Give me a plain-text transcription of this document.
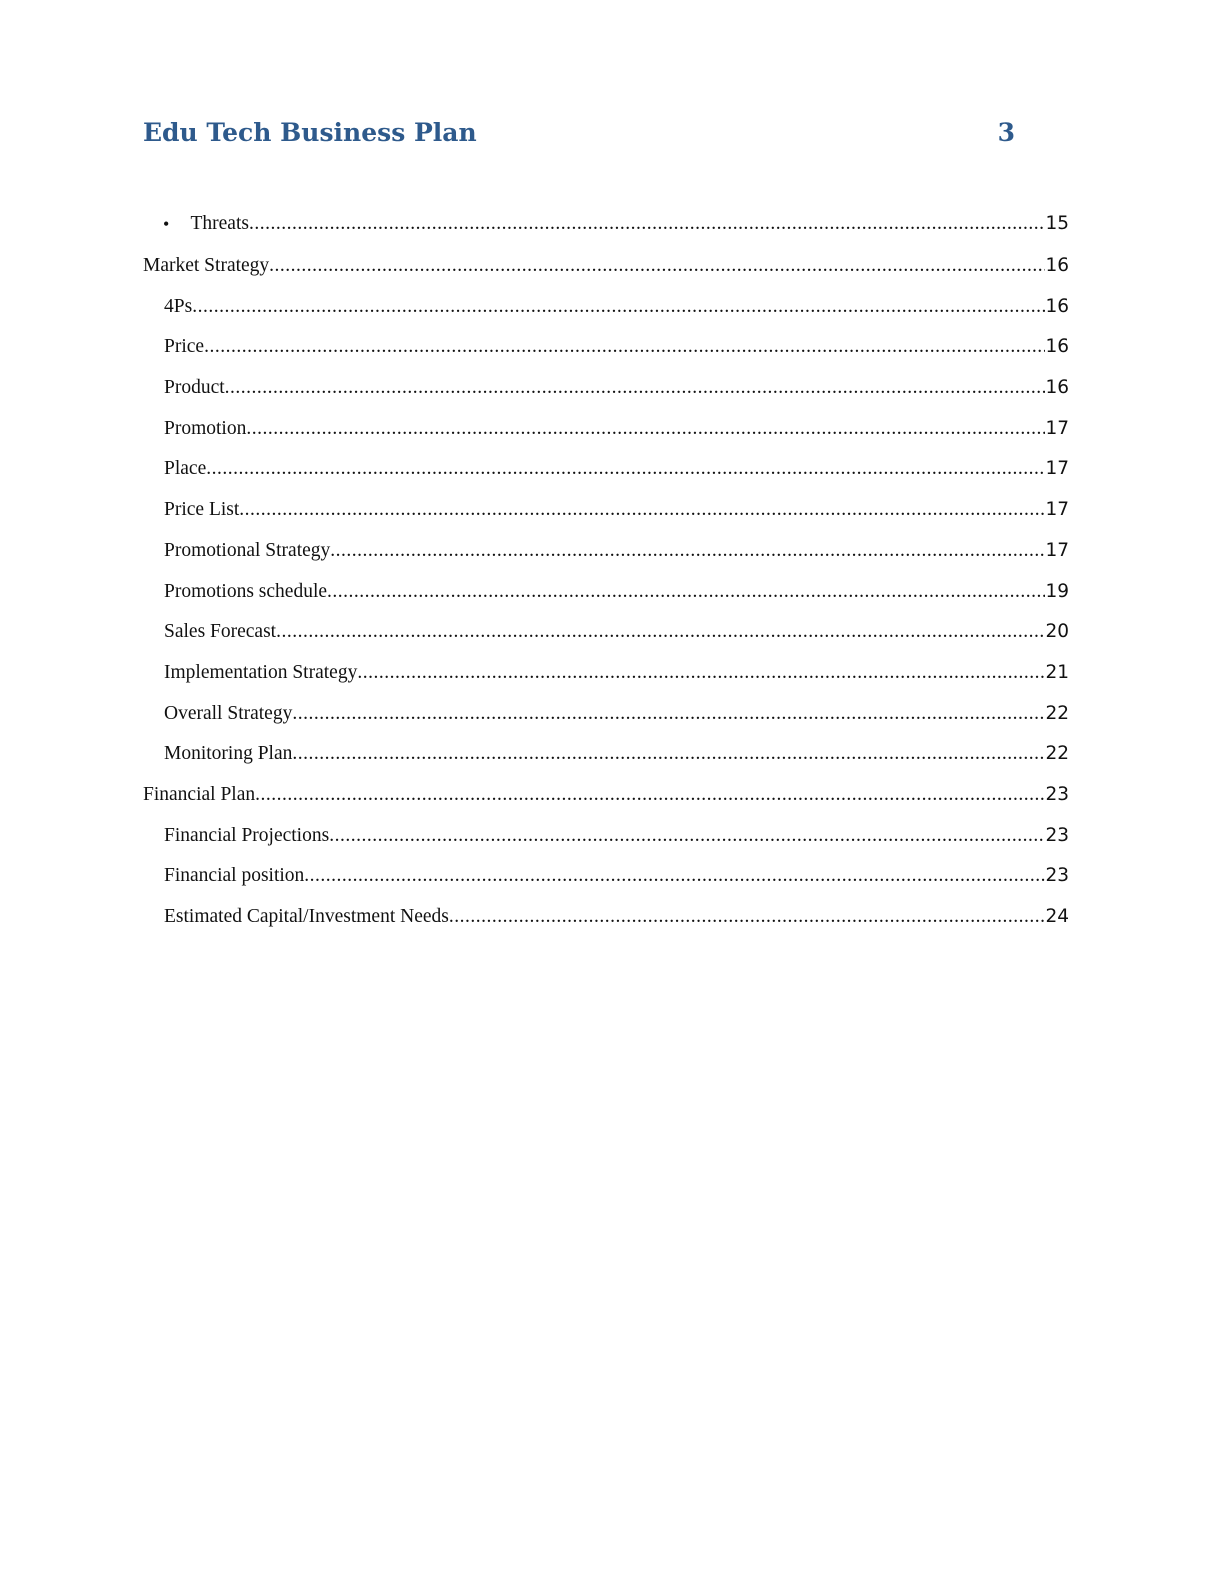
Edu Tech Business Plan	3
•	Threats .....	15
Market Strategy .....	16
4Ps .....	16
Price .....	16
Product .....	16
Promotion .....	17
Place .....	17
Price List .....	17
Promotional Strategy .....	17
Promotions schedule .....	19
Sales Forecast .....	20
Implementation Strategy .....	21
Overall Strategy .....	22
Monitoring Plan .....	22
Financial Plan .....	23
Financial Projections .....	23
Financial position .....	23
Estimated Capital/Investment Needs .....	24
